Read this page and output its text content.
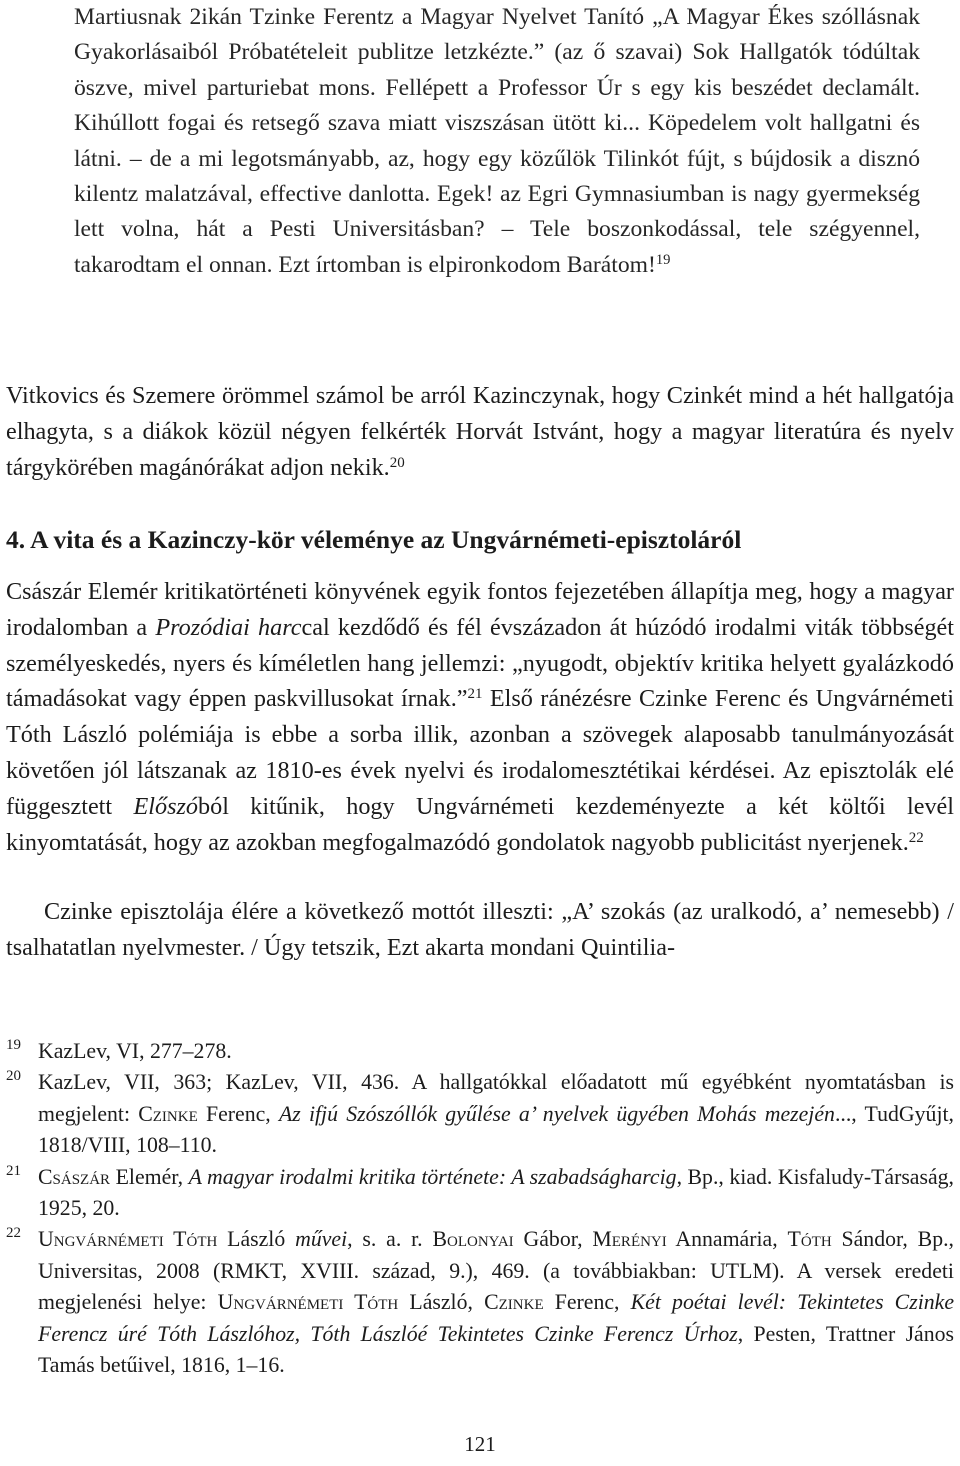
Martiusnak 2ikán Tzinke Ferentz a Magyar Nyelvet Tanító „A Magyar Ékes szóllásnak Gyakorlásaiból Próbatételeit publitze letzkézte.” (az ő szavai) Sok Hallgatók tódúltak öszve, mivel parturiebat mons. Fellépett a Professor Úr s egy kis beszédet declamált. Kihúllott fogai és retsegő szava miatt viszszásan ütött ki... Köpedelem volt hallgatni és látni. – de a mi legotsmányabb, az, hogy egy közűlök Tilinkót fújt, s bújdosik a disznó kilentz malatzával, effective danlotta. Egek! az Egri Gymnasiumban is nagy gyermekség lett volna, hát a Pesti Universitásban? – Tele boszonkodással, tele szégyennel, takarodtam el onnan. Ezt írtomban is elpironkodom Barátom!$^{19}$
Vitkovics és Szemere örömmel számol be arról Kazinczynak, hogy Czinkét mind a hét hallgatója elhagyta, s a diákok közül négyen felkérték Horvát Istvánt, hogy a magyar literatúra és nyelv tárgykörében magánórákat adjon nekik.$^{20}$
4. A vita és a Kazinczy-kör véleménye az Ungvárnémeti-episztoláról
Császár Elemér kritikatörténeti könyvének egyik fontos fejezetében állapítja meg, hogy a magyar irodalomban a Prozódiai harccal kezdődő és fél évszázadon át húzódó irodalmi viták többségét személyeskedés, nyers és kíméletlen hang jellemzi: „nyugodt, objektív kritika helyett gyalázkodó támadásokat vagy éppen paskvillusokat írnak.”$^{21}$ Első ránézésre Czinke Ferenc és Ungvárnémeti Tóth László polémiája is ebbe a sorba illik, azonban a szövegek alaposabb tanulmányozását követően jól látszanak az 1810-es évek nyelvi és irodalomesztétikai kérdései. Az episztolák elé függesztett Előszóból kitűnik, hogy Ungvárnémeti kezdeményezte a két költői levél kinyomtatását, hogy az azokban megfogalmazódó gondolatok nagyobb publicitást nyerjenek.$^{22}$
Czinke episztolája élére a következő mottót illeszti: „A’ szokás (az uralkodó, a’ nemesebb) / tsalhatatlan nyelvmester. / Úgy tetszik, Ezt akarta mondani Quintilia-
19 KazLev, VI, 277–278.
20 KazLev, VII, 363; KazLev, VII, 436. A hallgatókkal előadatott mű egyébként nyomtatásban is megjelent: Czinke Ferenc, Az ifjú Szószóllók gyűlése a’ nyelvek ügyében Mohás mezején..., TudGyűjt, 1818/VIII, 108–110.
21 Császár Elemér, A magyar irodalmi kritika története: A szabadságharcig, Bp., kiad. Kisfaludy-Társaság, 1925, 20.
22 Ungvárnémeti Tóth László művei, s. a. r. Bolonyai Gábor, Merényi Annamária, Tóth Sándor, Bp., Universitas, 2008 (RMKT, XVIII. század, 9.), 469. (a továbbiakban: UTLM). A versek eredeti megjelenési helye: Ungvárnémeti Tóth László, Czinke Ferenc, Két poétai levél: Tekintetes Czinke Ferencz úré Tóth Lászlóhoz, Tóth Lászlóé Tekintetes Czinke Ferencz Úrhoz, Pesten, Trattner János Tamás betűivel, 1816, 1–16.
121
